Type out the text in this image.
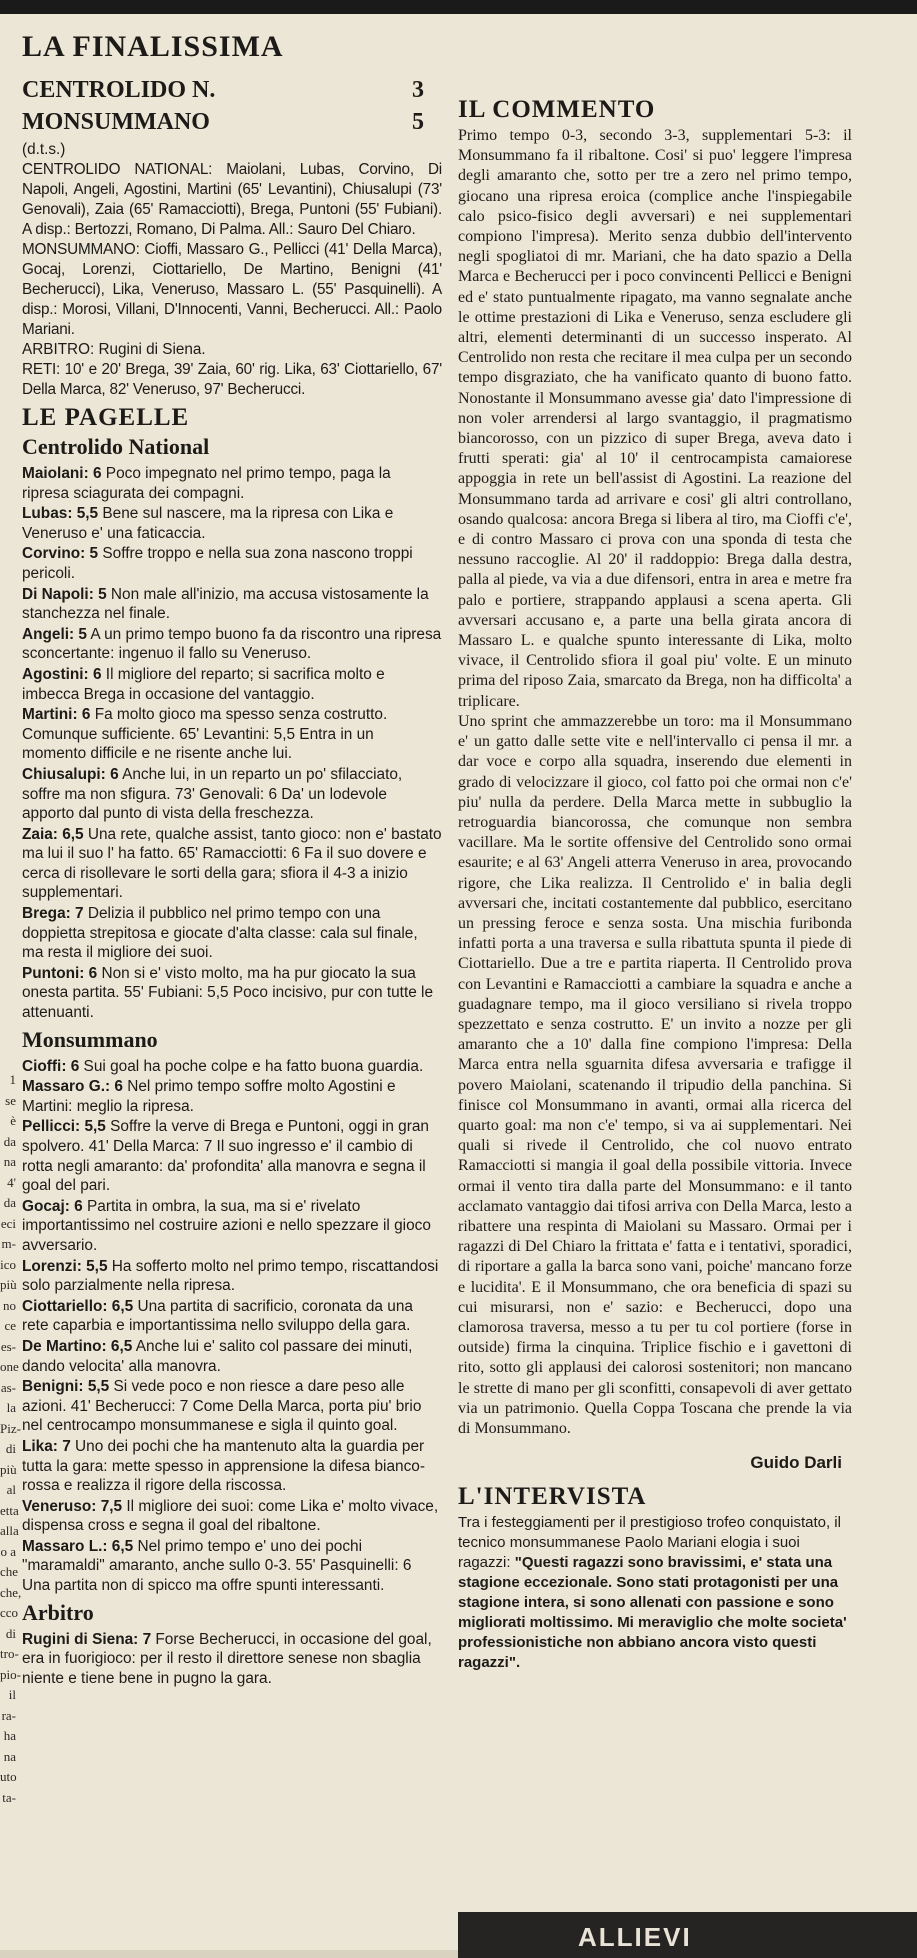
1
se
è
da
na
4'
da
eci
m-
ico
più
no
ce
es-
one
as-
la
Piz-
di
più
al
etta
alla
o a
che
che,
cco
di
tro-
pio-
il
ra-
ha
na
uto
ta-
LA FINALISSIMA
CENTROLIDO N.	3
MONSUMMANO	5

(d.t.s.)

CENTROLIDO NATIONAL: Maiolani, Lubas, Corvino, Di Napoli, Angeli, Agostini, Martini (65' Levantini), Chiusalupi (73' Genovali), Zaia (65' Ramacciotti), Brega, Puntoni (55' Fubiani). A disp.: Bertozzi, Romano, Di Palma. All.: Sauro Del Chiaro.

MONSUMMANO: Cioffi, Massaro G., Pellicci (41' Della Marca), Gocaj, Lorenzi, Ciottariello, De Martino, Benigni (41' Becherucci), Lika, Veneruso, Massaro L. (55' Pasquinelli). A disp.: Morosi, Villani, D'Innocenti, Vanni, Becherucci. All.: Paolo Mariani.

ARBITRO: Rugini di Siena.

RETI: 10' e 20' Brega, 39' Zaia, 60' rig. Lika, 63' Ciottariello, 67' Della Marca, 82' Veneruso, 97' Becherucci.

LE PAGELLE
Centrolido National

Maiolani: 6 Poco impegnato nel primo tempo, paga la ripresa sciagurata dei compagni.

Lubas: 5,5 Bene sul nascere, ma la ripresa con Lika e Veneruso e' una faticaccia.

Corvino: 5 Soffre troppo e nella sua zona nascono troppi pericoli.

Di Napoli: 5 Non male all'inizio, ma accusa vistosamente la stanchezza nel finale.

Angeli: 5 A un primo tempo buono fa da riscontro una ripresa sconcertante: ingenuo il fallo su Veneruso.

Agostini: 6 Il migliore del reparto; si sacrifica molto e imbecca Brega in occasione del vantaggio.

Martini: 6 Fa molto gioco ma spesso senza costrutto. Comunque sufficiente. 65' Levantini: 5,5 Entra in un momento difficile e ne risente anche lui.

Chiusalupi: 6 Anche lui, in un reparto un po' sfilacciato, soffre ma non sfigura. 73' Genovali: 6 Da' un lodevole apporto dal punto di vista della freschezza.

Zaia: 6,5 Una rete, qualche assist, tanto gioco: non e' bastato ma lui il suo l' ha fatto. 65' Ramacciotti: 6 Fa il suo dovere e cerca di risollevare le sorti della gara; sfiora il 4-3 a inizio supplementari.

Brega: 7 Delizia il pubblico nel primo tempo con una doppietta strepitosa e giocate d'alta classe: cala sul finale, ma resta il migliore dei suoi.

Puntoni: 6 Non si e' visto molto, ma ha pur giocato la sua onesta partita. 55' Fubiani: 5,5 Poco incisivo, pur con tutte le attenuanti.

Monsummano

Cioffi: 6 Sui goal ha poche colpe e ha fatto buona guardia.

Massaro G.: 6 Nel primo tempo soffre molto Agostini e Martini: meglio la ripresa.

Pellicci: 5,5 Soffre la verve di Brega e Puntoni, oggi in gran spolvero. 41' Della Marca: 7 Il suo ingresso e' il cambio di rotta negli amaranto: da' profondita' alla manovra e segna il goal del pari.

Gocaj: 6 Partita in ombra, la sua, ma si e' rivelato importantissimo nel costruire azioni e nello spezzare il gioco avversario.

Lorenzi: 5,5 Ha sofferto molto nel primo tempo, riscattandosi solo parzialmente nella ripresa.

Ciottariello: 6,5 Una partita di sacrificio, coronata da una rete caparbia e importantissima nello sviluppo della gara.

De Martino: 6,5 Anche lui e' salito col passare dei minuti, dando velocita' alla manovra.

Benigni: 5,5 Si vede poco e non riesce a dare peso alle azioni. 41' Becherucci: 7 Come Della Marca, porta piu' brio nel centrocampo monsummanese e sigla il quinto goal.

Lika: 7 Uno dei pochi che ha mantenuto alta la guardia per tutta la gara: mette spesso in apprensione la difesa bianco-rossa e realizza il rigore della riscossa.

Veneruso: 7,5 Il migliore dei suoi: come Lika e' molto vivace, dispensa cross e segna il goal del ribaltone.

Massaro L.: 6,5 Nel primo tempo e' uno dei pochi "maramaldi" amaranto, anche sullo 0-3. 55' Pasquinelli: 6 Una partita non di spicco ma offre spunti interessanti.

Arbitro

Rugini di Siena: 7 Forse Becherucci, in occasione del goal, era in fuorigioco: per il resto il direttore senese non sbaglia niente e tiene bene in pugno la gara.

IL COMMENTO

Primo tempo 0-3, secondo 3-3, supplementari 5-3: il Monsummano fa il ribaltone. Cosi' si puo' leggere l'impresa degli amaranto che, sotto per tre a zero nel primo tempo, giocano una ripresa eroica (complice anche l'inspiegabile calo psico-fisico degli avversari) e nei supplementari compiono l'impresa). Merito senza dubbio dell'intervento negli spogliatoi di mr. Mariani, che ha dato spazio a Della Marca e Becherucci per i poco convincenti Pellicci e Benigni ed e' stato puntualmente ripagato, ma vanno segnalate anche le ottime prestazioni di Lika e Veneruso, senza escludere gli altri, elementi determinanti di un successo insperato. Al Centrolido non resta che recitare il mea culpa per un secondo tempo disgraziato, che ha vanificato quanto di buono fatto. Nonostante il Monsummano avesse gia' dato l'impressione di non voler arrendersi al largo svantaggio, il pragmatismo biancorosso, con un pizzico di super Brega, aveva dato i frutti sperati: gia' al 10' il centrocampista camaiorese appoggia in rete un bell'assist di Agostini. La reazione del Monsummano tarda ad arrivare e cosi' gli altri controllano, osando qualcosa: ancora Brega si libera al tiro, ma Cioffi c'e', e di contro Massaro ci prova con una sponda di testa che nessuno raccoglie. Al 20' il raddoppio: Brega dalla destra, palla al piede, va via a due difensori, entra in area e metre fra palo e portiere, strappando applausi a scena aperta. Gli avversari accusano e, a parte una bella girata ancora di Massaro L. e qualche spunto interessante di Lika, molto vivace, il Centrolido sfiora il goal piu' volte. E un minuto prima del riposo Zaia, smarcato da Brega, non ha difficolta' a triplicare.

Uno sprint che ammazzerebbe un toro: ma il Monsummano e' un gatto dalle sette vite e nell'intervallo ci pensa il mr. a dar voce e corpo alla squadra, inserendo due elementi in grado di velocizzare il gioco, col fatto poi che ormai non c'e' piu' nulla da perdere. Della Marca mette in subbuglio la retroguardia biancorossa, che comunque non sembra vacillare. Ma le sortite offensive del Centrolido sono ormai esaurite; e al 63' Angeli atterra Veneruso in area, provocando rigore, che Lika realizza. Il Centrolido e' in balia degli avversari che, incitati costantemente dal pubblico, esercitano un pressing feroce e senza sosta. Una mischia furibonda infatti porta a una traversa e sulla ribattuta spunta il piede di Ciottariello. Due a tre e partita riaperta. Il Centrolido prova con Levantini e Ramacciotti a cambiare la squadra e anche a guadagnare tempo, ma il gioco versiliano si rivela troppo spezzettato e senza costrutto. E' un invito a nozze per gli amaranto che a 10' dalla fine compiono l'impresa: Della Marca entra nella sguarnita difesa avversaria e trafigge il povero Maiolani, scatenando il tripudio della panchina. Si finisce col Monsummano in avanti, ormai alla ricerca del quarto goal: ma non c'e' tempo, si va ai supplementari. Nei quali si rivede il Centrolido, che col nuovo entrato Ramacciotti si mangia il goal della possibile vittoria. Invece ormai il vento tira dalla parte del Monsummano: e il tanto acclamato vantaggio dai tifosi arriva con Della Marca, lesto a ribattere una respinta di Maiolani su Massaro. Ormai per i ragazzi di Del Chiaro la frittata e' fatta e i tentativi, sporadici, di riportare a galla la barca sono vani, poiche' mancano forze e lucidita'. E il Monsummano, che ora beneficia di spazi su cui misurarsi, non e' sazio: e Becherucci, dopo una clamorosa traversa, messo a tu per tu col portiere (forse in outside) firma la cinquina. Triplice fischio e i gavettoni di rito, sotto gli applausi dei calorosi sostenitori; non mancano le strette di mano per gli sconfitti, consapevoli di aver gettato via un patrimonio. Quella Coppa Toscana che prende la via di Monsummano.

Guido Darli
L'INTERVISTA

Tra i festeggiamenti per il prestigioso trofeo conquistato, il tecnico monsummanese Paolo Mariani elogia i suoi ragazzi: "Questi ragazzi sono bravissimi, e' stata una stagione eccezionale. Sono stati protagonisti per una stagione intera, si sono allenati con passione e sono migliorati moltissimo. Mi meraviglio che molte societa' professionistiche non abbiano ancora visto questi ragazzi".

ALLIEVI
